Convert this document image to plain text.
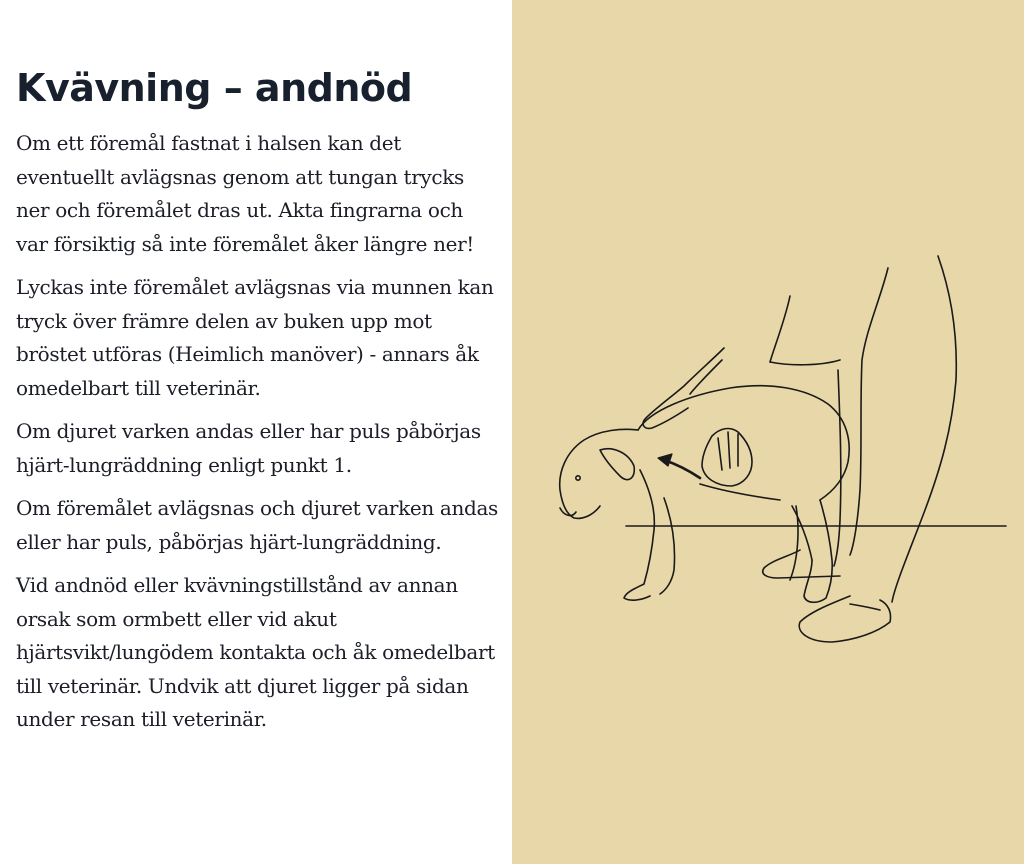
Kvävning – andnöd

Om ett föremål fastnat i halsen kan det eventuellt avlägsnas genom att tungan trycks ner och föremålet dras ut. Akta fingrarna och var försiktig så inte föremålet åker längre ner!

Lyckas inte föremålet avlägsnas via munnen kan tryck över främre delen av buken upp mot bröstet utföras (Heimlich manöver) - annars åk omedelbart till veterinär.

Om djuret varken andas eller har puls påbörjas hjärt-lungräddning enligt punkt 1.

Om föremålet avlägsnas och djuret varken andas eller har puls, påbörjas hjärt-lungräddning.

Vid andnöd eller kvävningstillstånd av annan orsak som ormbett eller vid akut hjärtsvikt/lungödem kontakta och åk omedelbart till veterinär. Undvik att djuret ligger på sidan under resan till veterinär.
